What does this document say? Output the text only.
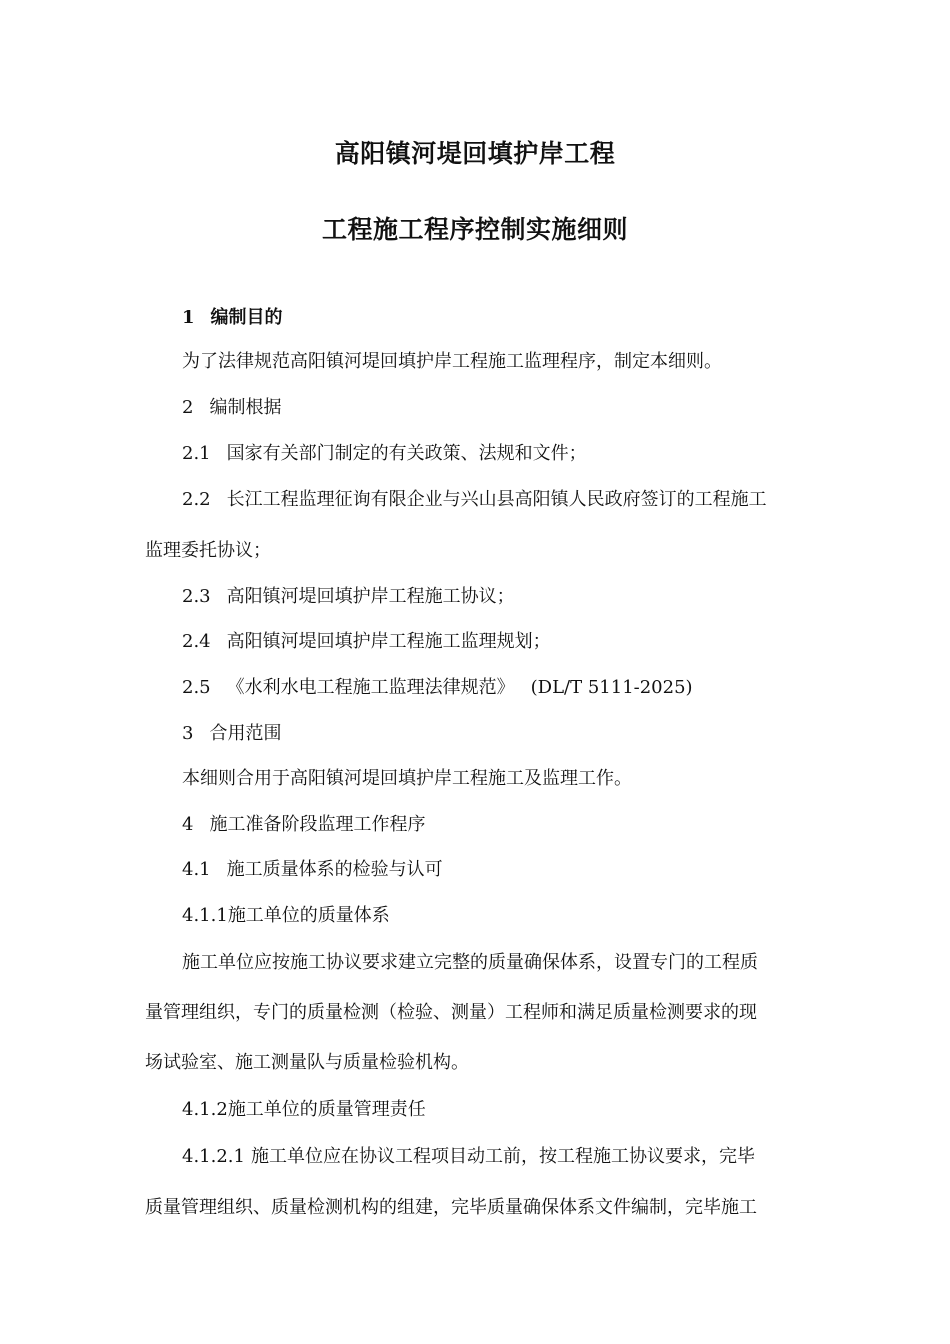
高阳镇河堤回填护岸工程
工程施工程序控制实施细则
1 编制目的
为了法律规范高阳镇河堤回填护岸工程施工监理程序，制定本细则。
2 编制根据
2.1 国家有关部门制定的有关政策、法规和文件；
2.2 长江工程监理征询有限企业与兴山县高阳镇人民政府签订的工程施工
监理委托协议；
2.3 高阳镇河堤回填护岸工程施工协议；
2.4 高阳镇河堤回填护岸工程施工监理规划；
2.5 《水利水电工程施工监理法律规范》 (DL/T 5111-2025)
3 合用范围
本细则合用于高阳镇河堤回填护岸工程施工及监理工作。
4 施工准备阶段监理工作程序
4.1 施工质量体系的检验与认可
4.1.1施工单位的质量体系
施工单位应按施工协议要求建立完整的质量确保体系，设置专门的工程质
量管理组织，专门的质量检测（检验、测量）工程师和满足质量检测要求的现
场试验室、施工测量队与质量检验机构。
4.1.2施工单位的质量管理责任
4.1.2.1 施工单位应在协议工程项目动工前，按工程施工协议要求，完毕
质量管理组织、质量检测机构的组建，完毕质量确保体系文件编制，完毕施工
